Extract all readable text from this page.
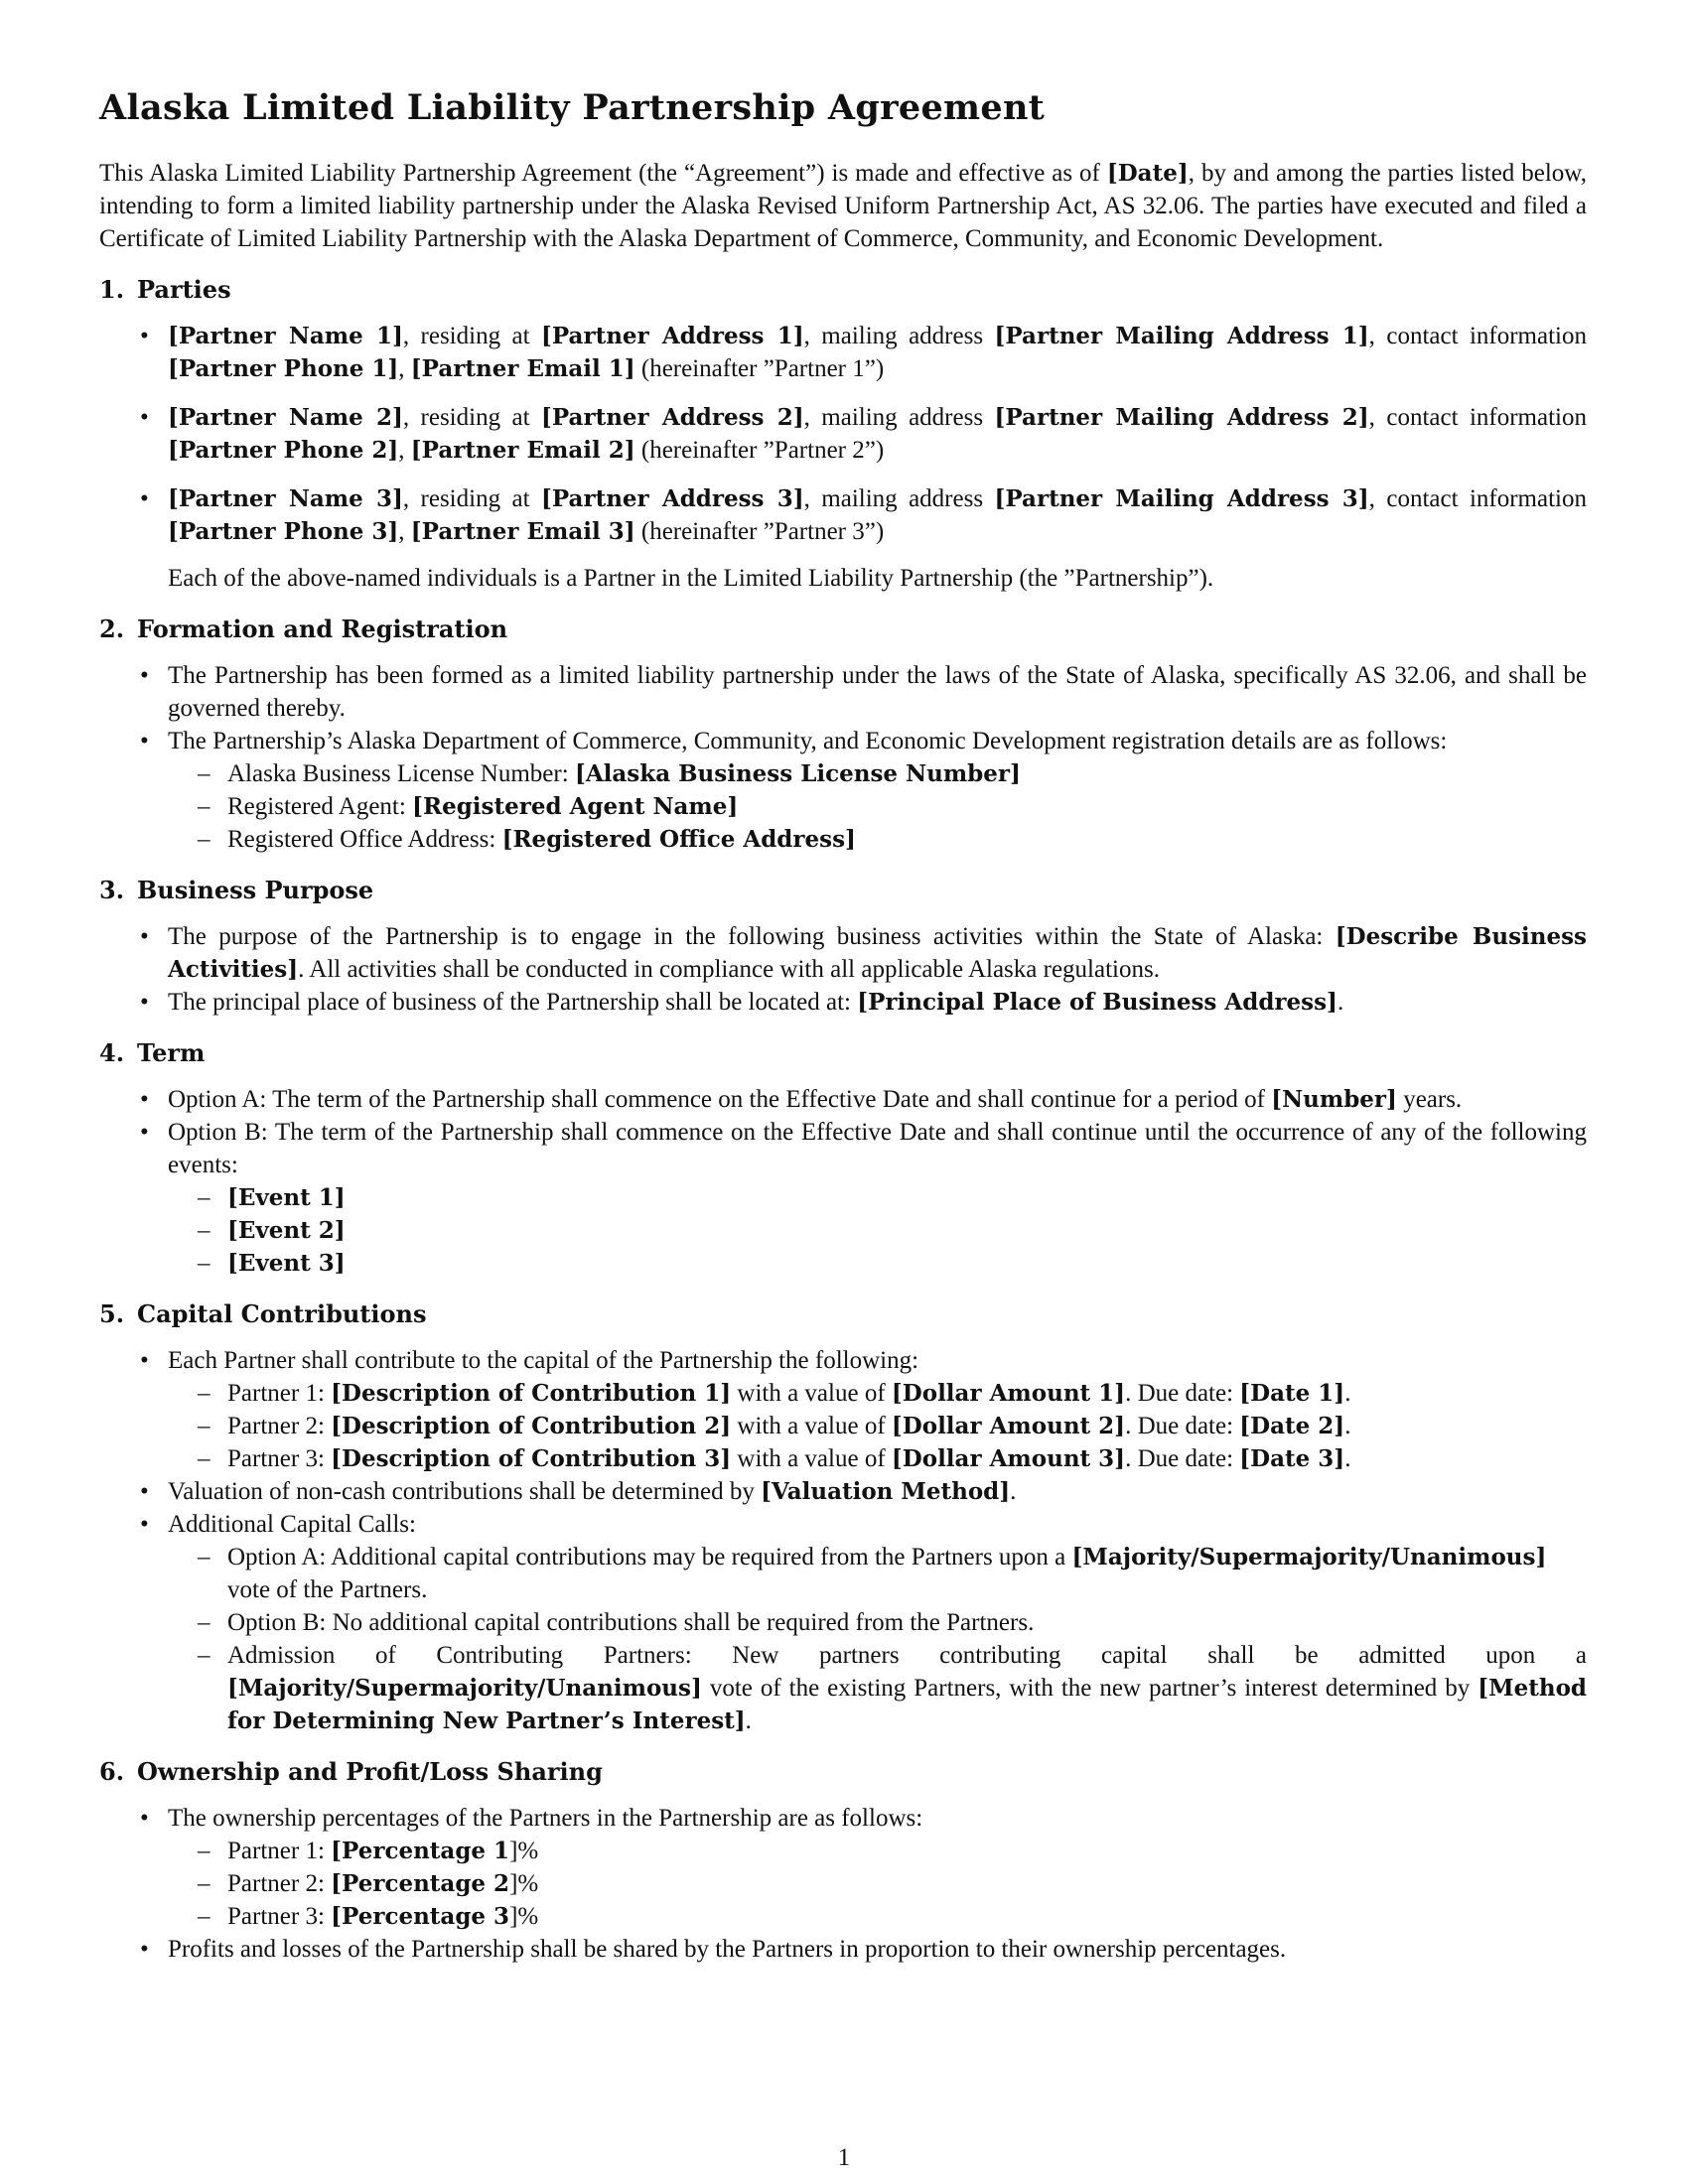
Alaska Limited Liability Partnership Agreement

This Alaska Limited Liability Partnership Agreement (the “Agreement”) is made and effective as of [Date], by and among the parties listed below, intending to form a limited liability partnership under the Alaska Revised Uniform Partnership Act, AS 32.06. The parties have executed and filed a Certificate of Limited Liability Partnership with the Alaska Department of Commerce, Community, and Economic Development.

1. Parties
• [Partner Name 1], residing at [Partner Address 1], mailing address [Partner Mailing Address 1], contact information [Partner Phone 1], [Partner Email 1] (hereinafter ”Partner 1”)
• [Partner Name 2], residing at [Partner Address 2], mailing address [Partner Mailing Address 2], contact information [Partner Phone 2], [Partner Email 2] (hereinafter ”Partner 2”)
• [Partner Name 3], residing at [Partner Address 3], mailing address [Partner Mailing Address 3], contact information [Partner Phone 3], [Partner Email 3] (hereinafter ”Partner 3”)

Each of the above-named individuals is a Partner in the Limited Liability Partnership (the ”Partnership”).

2. Formation and Registration
• The Partnership has been formed as a limited liability partnership under the laws of the State of Alaska, specifically AS 32.06, and shall be governed thereby.
• The Partnership’s Alaska Department of Commerce, Community, and Economic Development registration details are as follows:
– Alaska Business License Number: [Alaska Business License Number]
– Registered Agent: [Registered Agent Name]
– Registered Office Address: [Registered Office Address]
3. Business Purpose
• The purpose of the Partnership is to engage in the following business activities within the State of Alaska: [Describe Business Activities]. All activities shall be conducted in compliance with all applicable Alaska regulations.
• The principal place of business of the Partnership shall be located at: [Principal Place of Business Address].
4. Term
• Option A: The term of the Partnership shall commence on the Effective Date and shall continue for a period of [Number] years.
• Option B: The term of the Partnership shall commence on the Effective Date and shall continue until the occurrence of any of the following events:
– [Event 1]
– [Event 2]
– [Event 3]
5. Capital Contributions
• Each Partner shall contribute to the capital of the Partnership the following:
– Partner 1: [Description of Contribution 1] with a value of [Dollar Amount 1]. Due date: [Date 1].
– Partner 2: [Description of Contribution 2] with a value of [Dollar Amount 2]. Due date: [Date 2].
– Partner 3: [Description of Contribution 3] with a value of [Dollar Amount 3]. Due date: [Date 3].
• Valuation of non-cash contributions shall be determined by [Valuation Method].
• Additional Capital Calls:
– Option A: Additional capital contributions may be required from the Partners upon a [Majority/Supermajority/Unanimous]
vote of the Partners.
– Option B: No additional capital contributions shall be required from the Partners.
– Admission of Contributing Partners: New partners contributing capital shall be admitted upon a [Majority/Supermajority/Unanimous] vote of the existing Partners, with the new partner’s interest determined by [Method for Determining New Partner’s Interest].
6. Ownership and Profit/Loss Sharing
• The ownership percentages of the Partners in the Partnership are as follows:
– Partner 1: [Percentage 1]%
– Partner 2: [Percentage 2]%
– Partner 3: [Percentage 3]%
• Profits and losses of the Partnership shall be shared by the Partners in proportion to their ownership percentages.
1
